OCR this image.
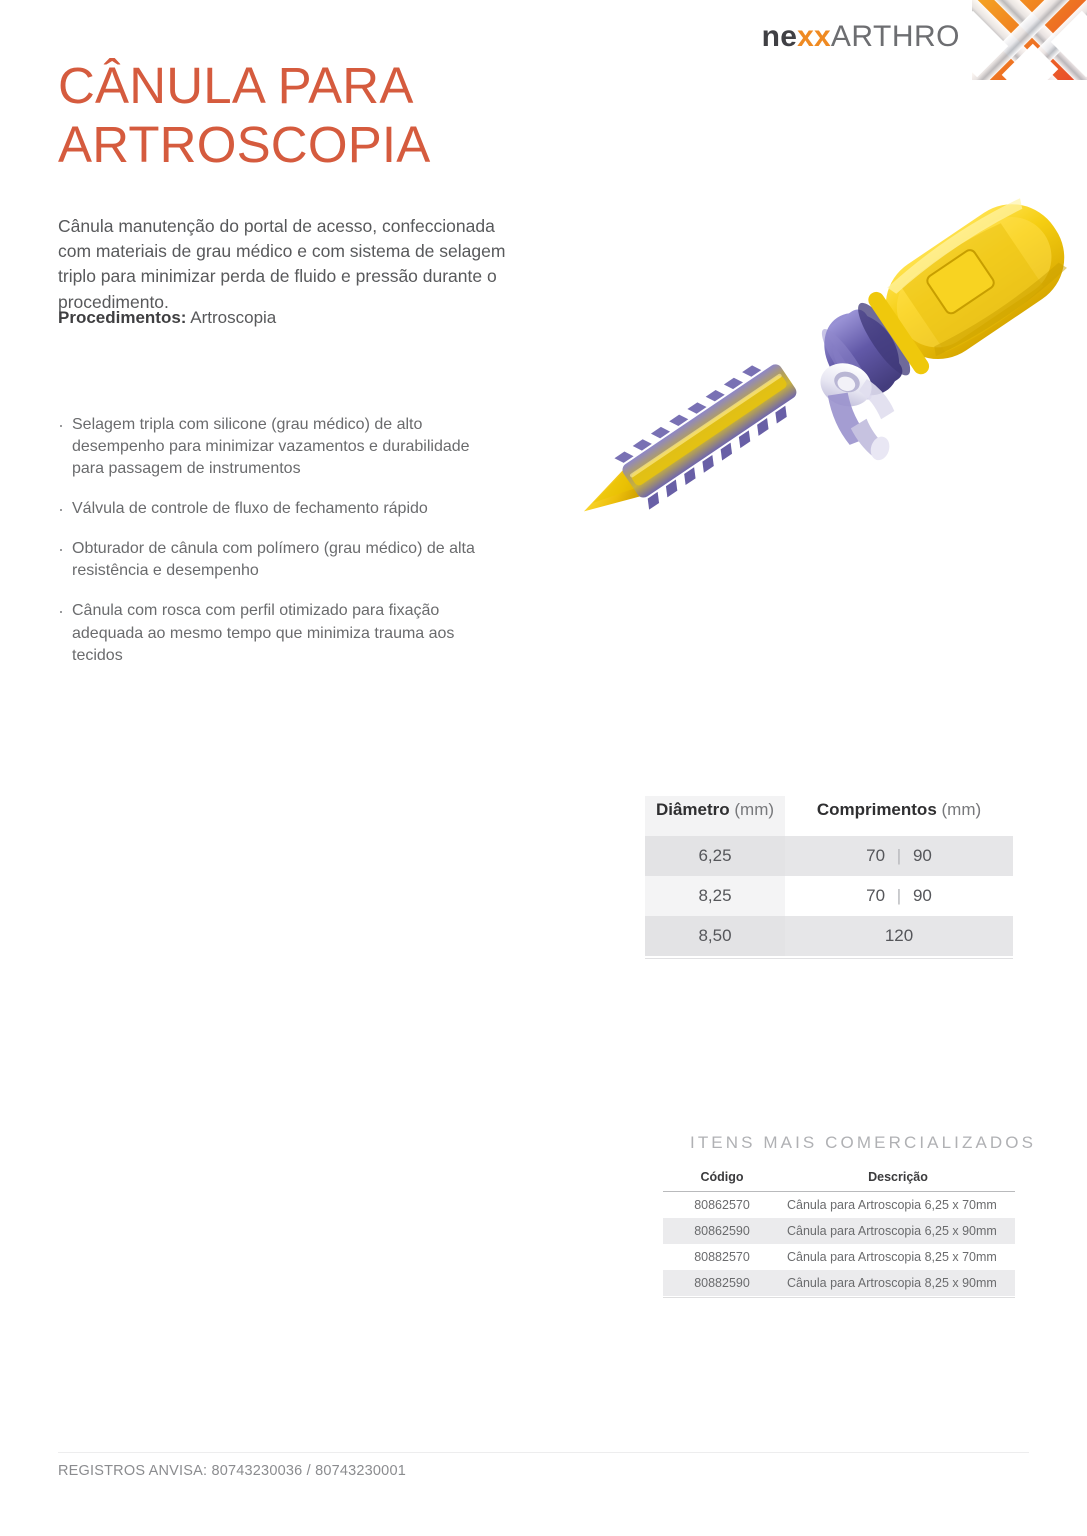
nexxARTHRO
CÂNULA PARA ARTROSCOPIA

Cânula manutenção do portal de acesso, confeccionada com materiais de grau médico e com sistema de selagem triplo para minimizar perda de fluido e pressão durante o procedimento.

Procedimentos: Artroscopia
· Selagem tripla com silicone (grau médico) de alto desempenho para minimizar vazamentos e durabilidade para passagem de instrumentos
· Válvula de controle de fluxo de fechamento rápido
· Obturador de cânula com polímero (grau médico) de alta resistência e desempenho
· Cânula com rosca com perfil otimizado para fixação adequada ao mesmo tempo que minimiza trauma aos tecidos
Diâmetro (mm)	Comprimentos (mm)
6,25	70 | 90
8,25	70 | 90
8,50	120
ITENS MAIS COMERCIALIZADOS
Código	Descrição
80862570	Cânula para Artroscopia 6,25 x 70mm
80862590	Cânula para Artroscopia 6,25 x 90mm
80882570	Cânula para Artroscopia 8,25 x 70mm
80882590	Cânula para Artroscopia 8,25 x 90mm
REGISTROS ANVISA: 80743230036 / 80743230001
